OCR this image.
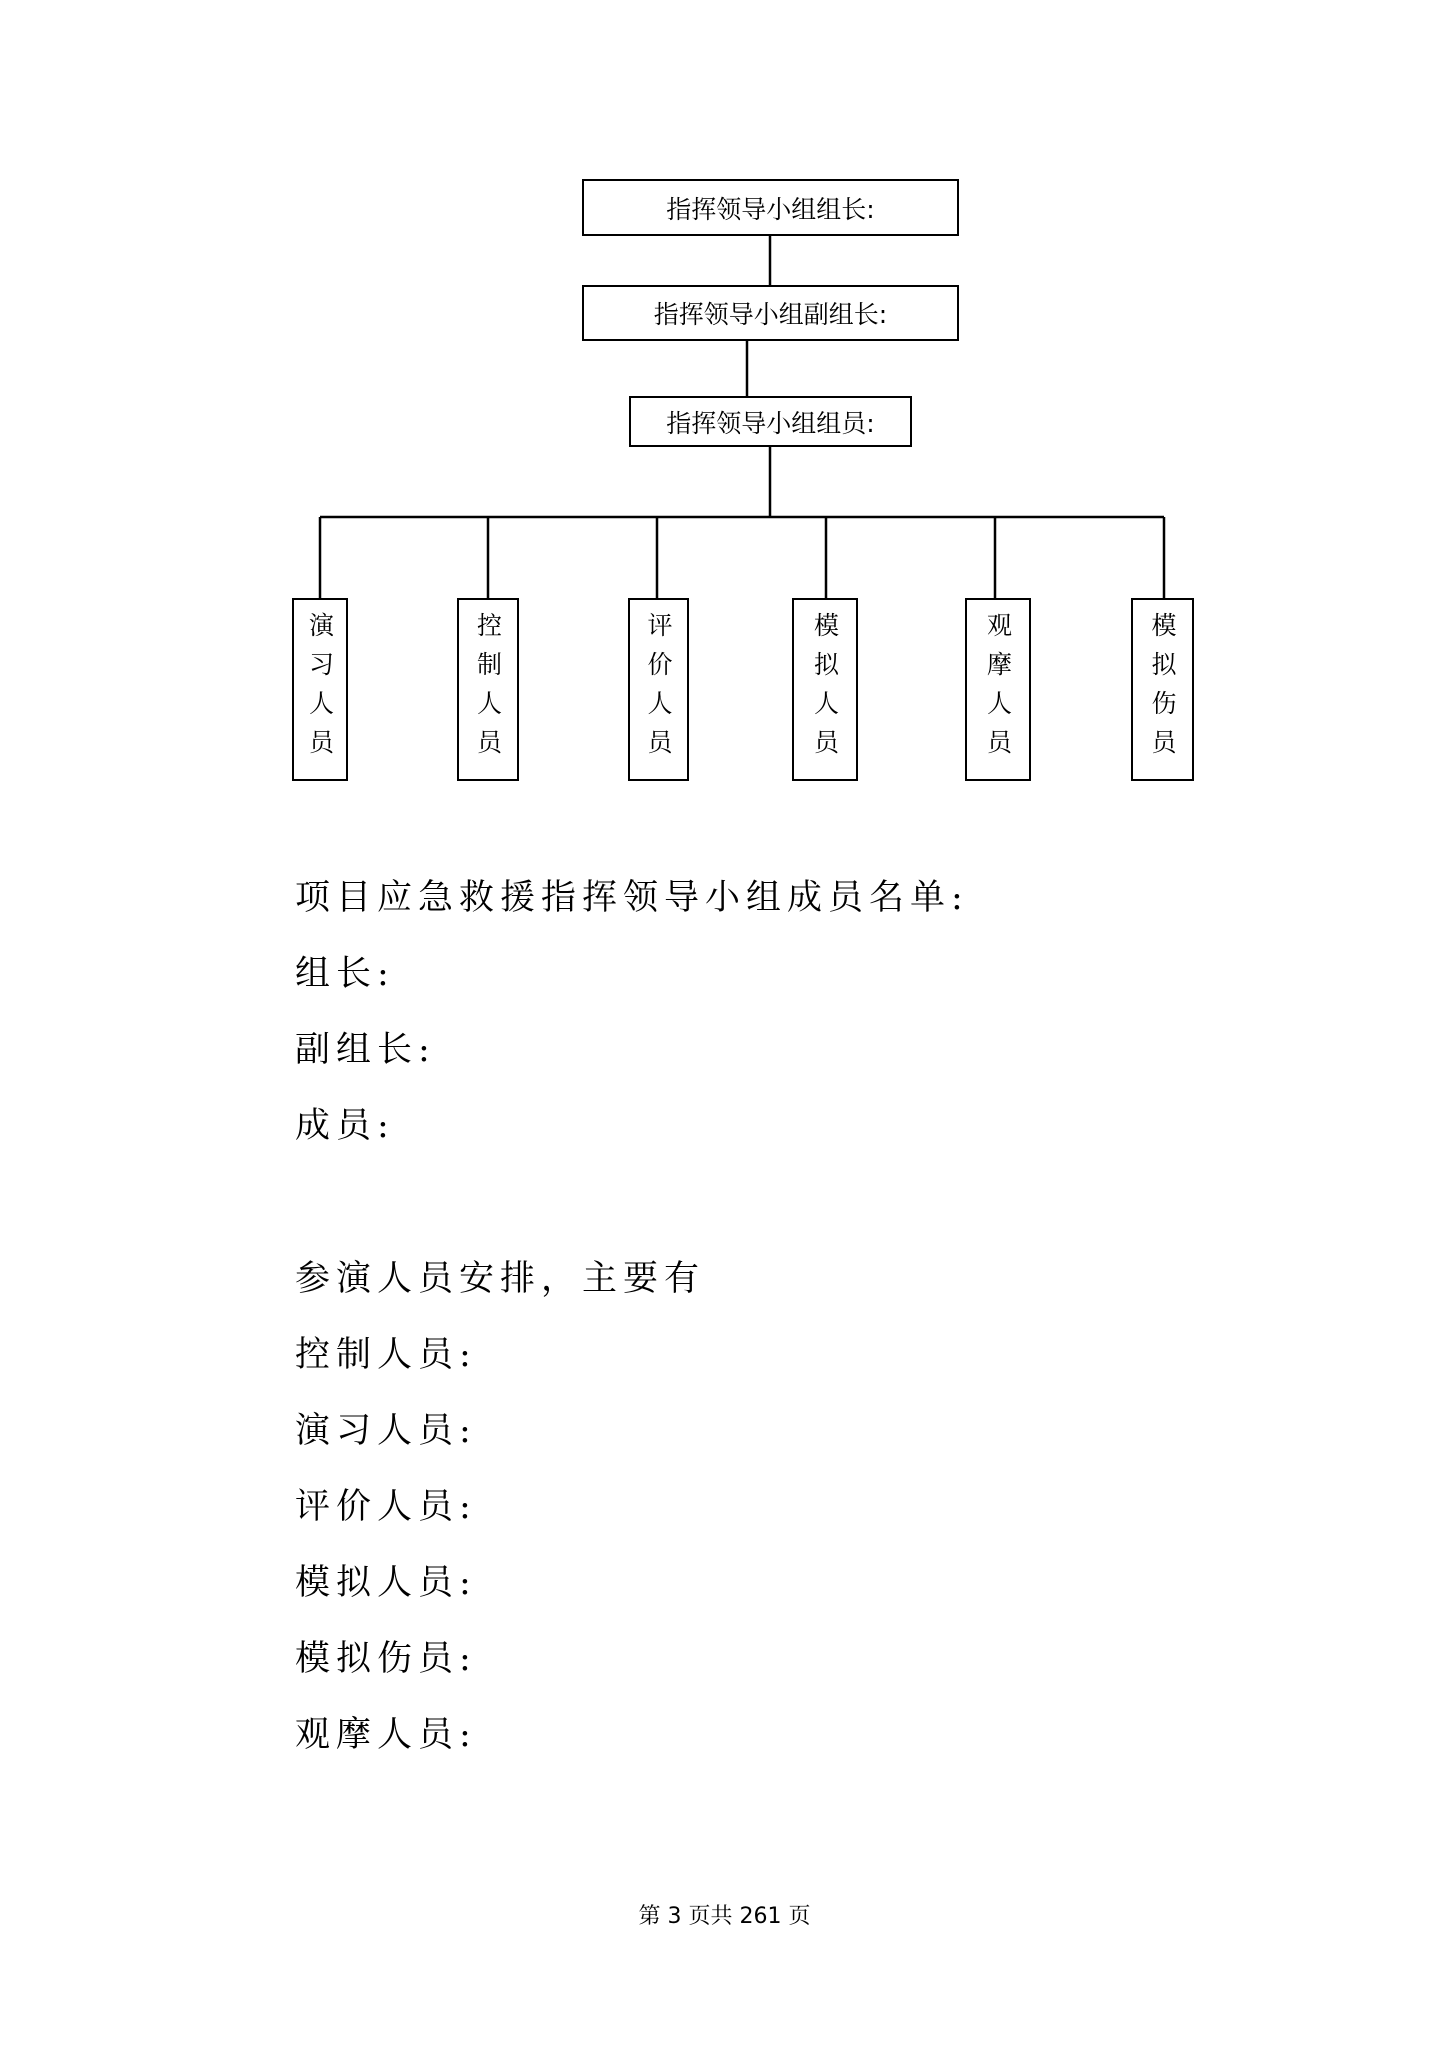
指挥领导小组组长:
指挥领导小组副组长:
指挥领导小组组员:
演习人员	控制人员	评价人员	模拟人员	观摩人员	模拟伤员
项目应急救援指挥领导小组成员名单:
组长:
副组长:
成员:
参演人员安排，主要有
控制人员:
演习人员:
评价人员:
模拟人员:
模拟伤员:
观摩人员:
第 3 页共 261 页
